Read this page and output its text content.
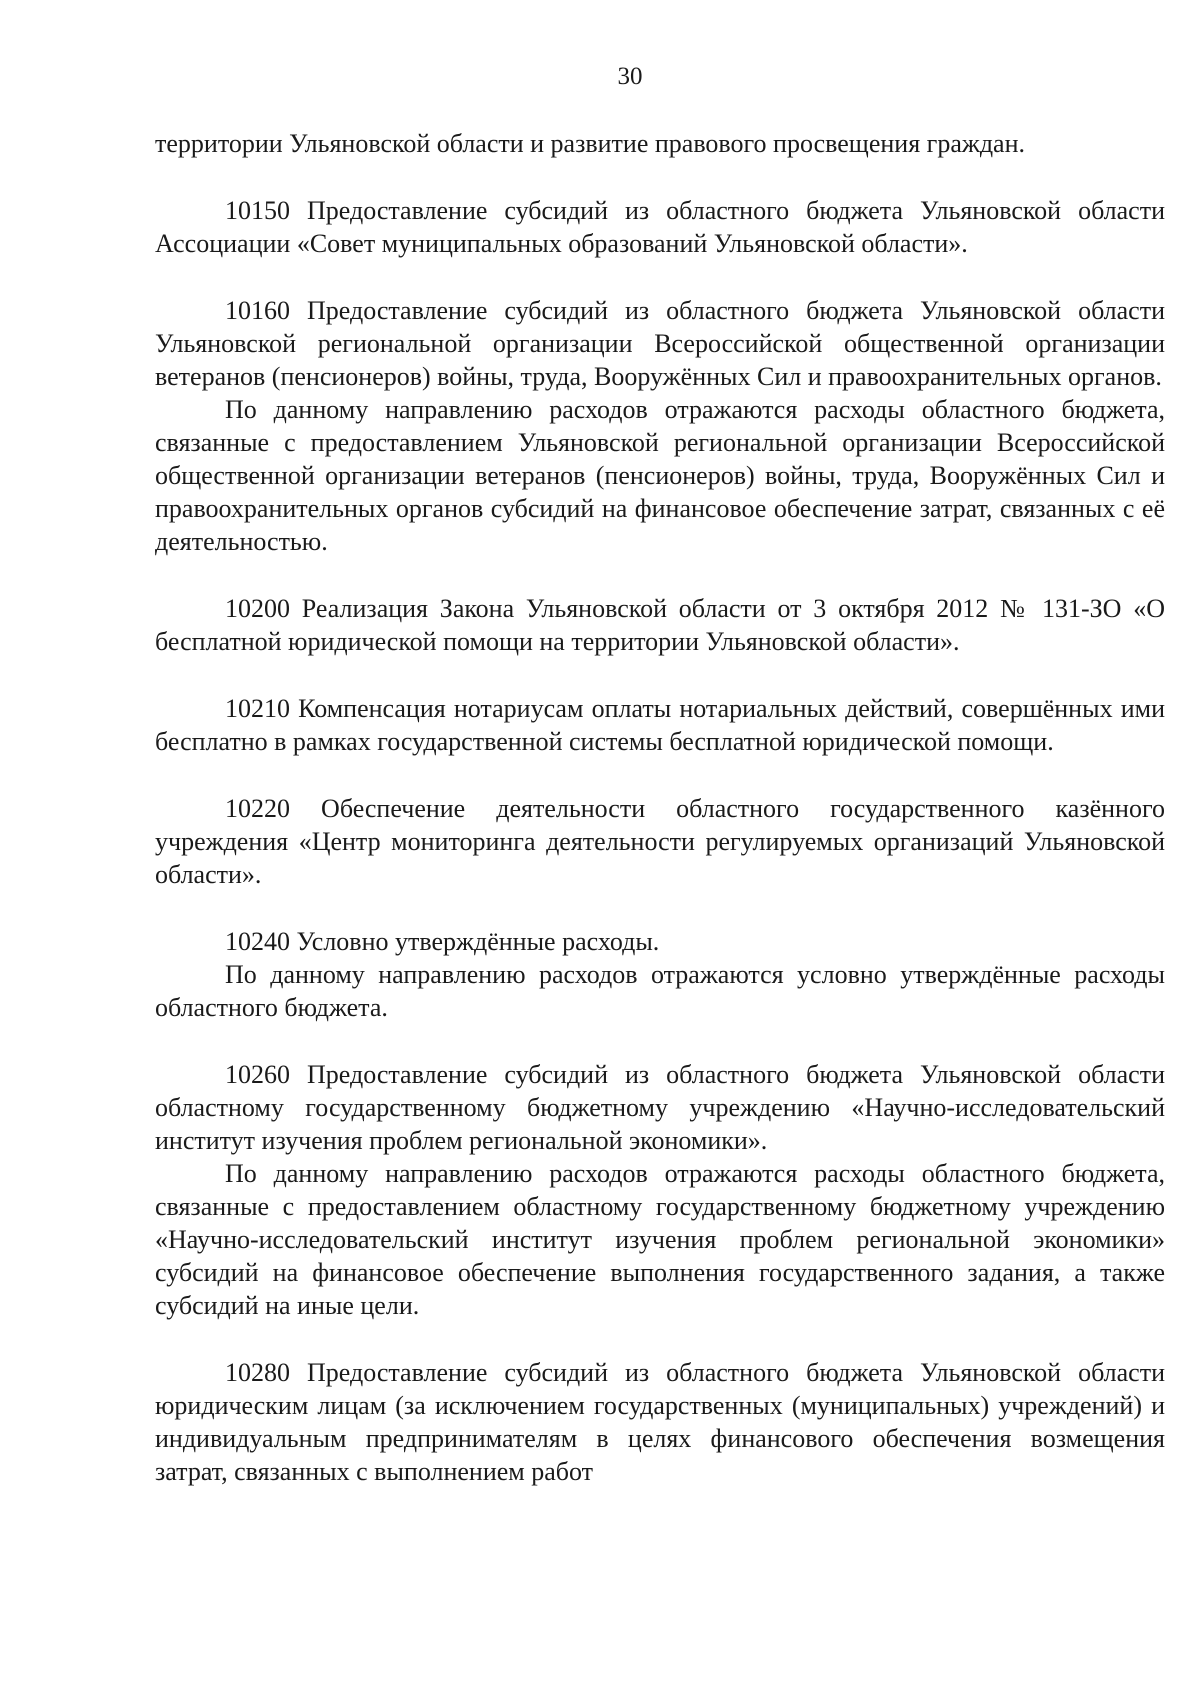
30

территории Ульяновской области и развитие правового просвещения граждан.

10150 Предоставление субсидий из областного бюджета Ульяновской области Ассоциации «Совет муниципальных образований Ульяновской области».

10160 Предоставление субсидий из областного бюджета Ульяновской области Ульяновской региональной организации Всероссийской общественной организации ветеранов (пенсионеров) войны, труда, Вооружённых Сил и правоохранительных органов.

По данному направлению расходов отражаются расходы областного бюджета, связанные с предоставлением Ульяновской региональной организации Всероссийской общественной организации ветеранов (пенсионеров) войны, труда, Вооружённых Сил и правоохранительных органов субсидий на финансовое обеспечение затрат, связанных с её деятельностью.

10200 Реализация Закона Ульяновской области от 3 октября 2012 № 131-ЗО «О бесплатной юридической помощи на территории Ульяновской области».

10210 Компенсация нотариусам оплаты нотариальных действий, совершённых ими бесплатно в рамках государственной системы бесплатной юридической помощи.

10220 Обеспечение деятельности областного государственного казённого учреждения «Центр мониторинга деятельности регулируемых организаций Ульяновской области».

10240 Условно утверждённые расходы.

По данному направлению расходов отражаются условно утверждённые расходы областного бюджета.

10260 Предоставление субсидий из областного бюджета Ульяновской области областному государственному бюджетному учреждению «Научно-исследовательский институт изучения проблем региональной экономики».

По данному направлению расходов отражаются расходы областного бюджета, связанные с предоставлением областному государственному бюджетному учреждению «Научно-исследовательский институт изучения проблем региональной экономики» субсидий на финансовое обеспечение выполнения государственного задания, а также субсидий на иные цели.

10280 Предоставление субсидий из областного бюджета Ульяновской области юридическим лицам (за исключением государственных (муниципальных) учреждений) и индивидуальным предпринимателям в целях финансового обеспечения возмещения затрат, связанных с выполнением работ
